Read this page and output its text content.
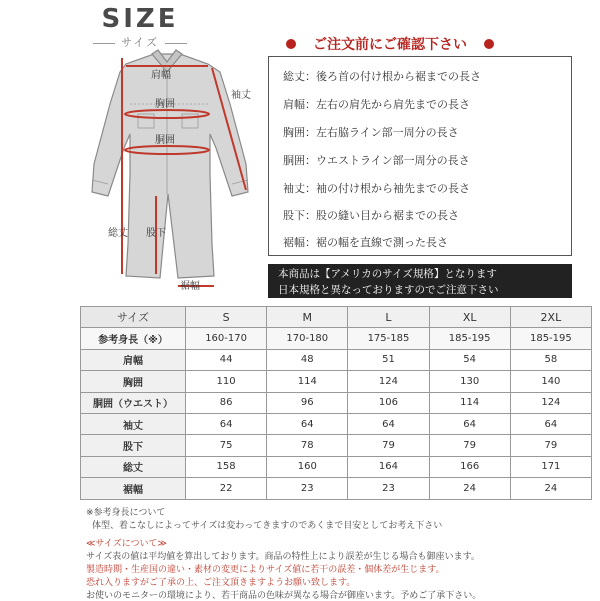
SIZE
サイズ	ご注文前にご確認下さい
肩幅
袖丈
胸囲
胴囲
総丈 股下
裾幅
総丈：後ろ首の付け根から裾までの長さ
肩幅：左右の肩先から肩先までの長さ
胸囲：左右脇ライン部一周分の長さ
胴囲：ウエストライン部一周分の長さ
袖丈：袖の付け根から袖先までの長さ
股下：股の縫い目から裾までの長さ
裾幅：裾の幅を直線で測った長さ
本商品は【アメリカのサイズ規格】となります
日本規格と異なっておりますのでご注意下さい
サイズ	S	M	L	XL	2XL
参考身長（※）	160-170	170-180	175-185	185-195	185-195
肩幅	44	48	51	54	58
胸囲	110	114	124	130	140
胴囲（ウエスト）	86	96	106	114	124
袖丈	64	64	64	64	64
股下	75	78	79	79	79
総丈	158	160	164	166	171
裾幅	22	23	23	24	24
※参考身長について
体型、着こなしによってサイズは変わってきますのであくまで目安としてお考え下さい
≪サイズについて≫
サイズ表の値は平均値を算出しております。商品の特性上により誤差が生じる場合も御座います。
製造時期・生産国の違い・素材の変更によりサイズ値に若干の誤差・個体差が生じます。
恐れ入りますがご了承の上、ご注文頂きますようお願い致します。
お使いのモニターの環境により、若干商品の色味が異なる場合が御座います。予めご了承下さい。
